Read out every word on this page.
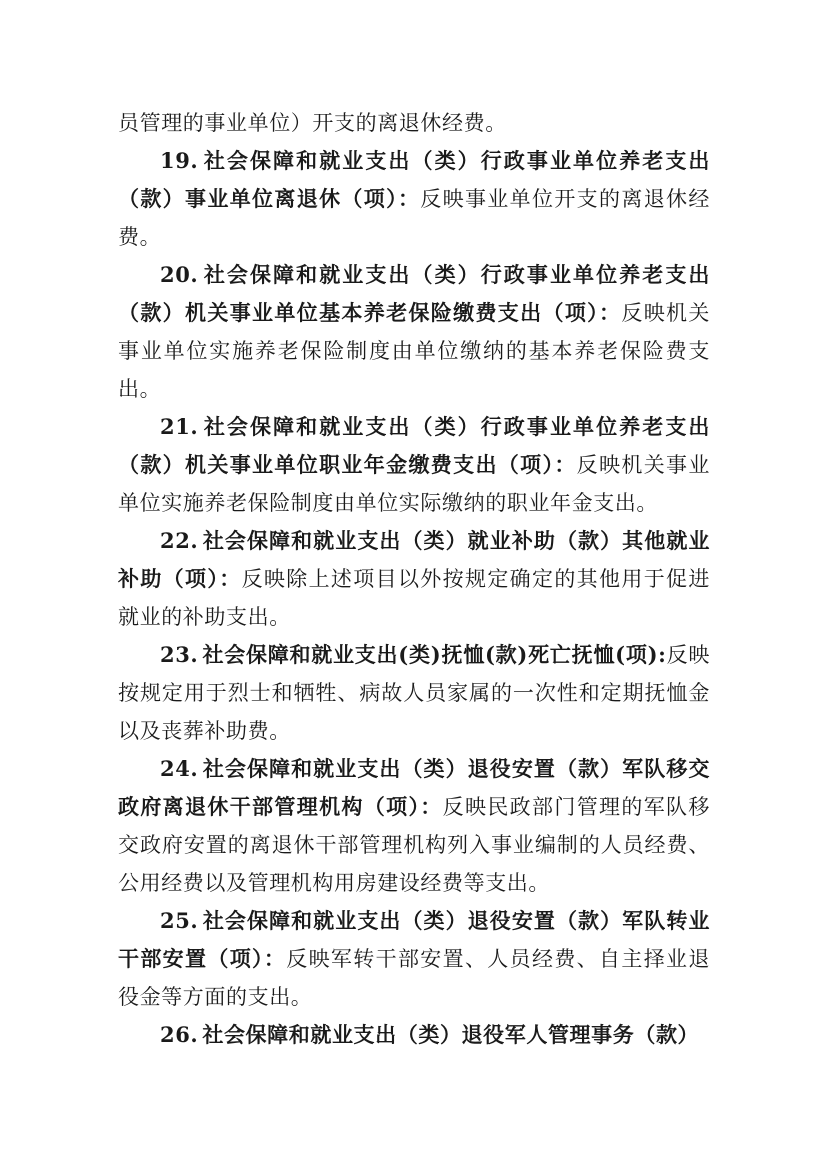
员管理的事业单位）开支的离退休经费。

19. 社会保障和就业支出（类）行政事业单位养老支出（款）事业单位离退休（项）：反映事业单位开支的离退休经费。

20. 社会保障和就业支出（类）行政事业单位养老支出（款）机关事业单位基本养老保险缴费支出（项）：反映机关事业单位实施养老保险制度由单位缴纳的基本养老保险费支出。

21. 社会保障和就业支出（类）行政事业单位养老支出（款）机关事业单位职业年金缴费支出（项）：反映机关事业单位实施养老保险制度由单位实际缴纳的职业年金支出。

22. 社会保障和就业支出（类）就业补助（款）其他就业补助（项）：反映除上述项目以外按规定确定的其他用于促进就业的补助支出。

23. 社会保障和就业支出(类)抚恤(款)死亡抚恤(项):反映按规定用于烈士和牺牲、病故人员家属的一次性和定期抚恤金以及丧葬补助费。

24. 社会保障和就业支出（类）退役安置（款）军队移交政府离退休干部管理机构（项）：反映民政部门管理的军队移交政府安置的离退休干部管理机构列入事业编制的人员经费、公用经费以及管理机构用房建设经费等支出。

25. 社会保障和就业支出（类）退役安置（款）军队转业干部安置（项）：反映军转干部安置、人员经费、自主择业退役金等方面的支出。

26. 社会保障和就业支出（类）退役军人管理事务（款）
